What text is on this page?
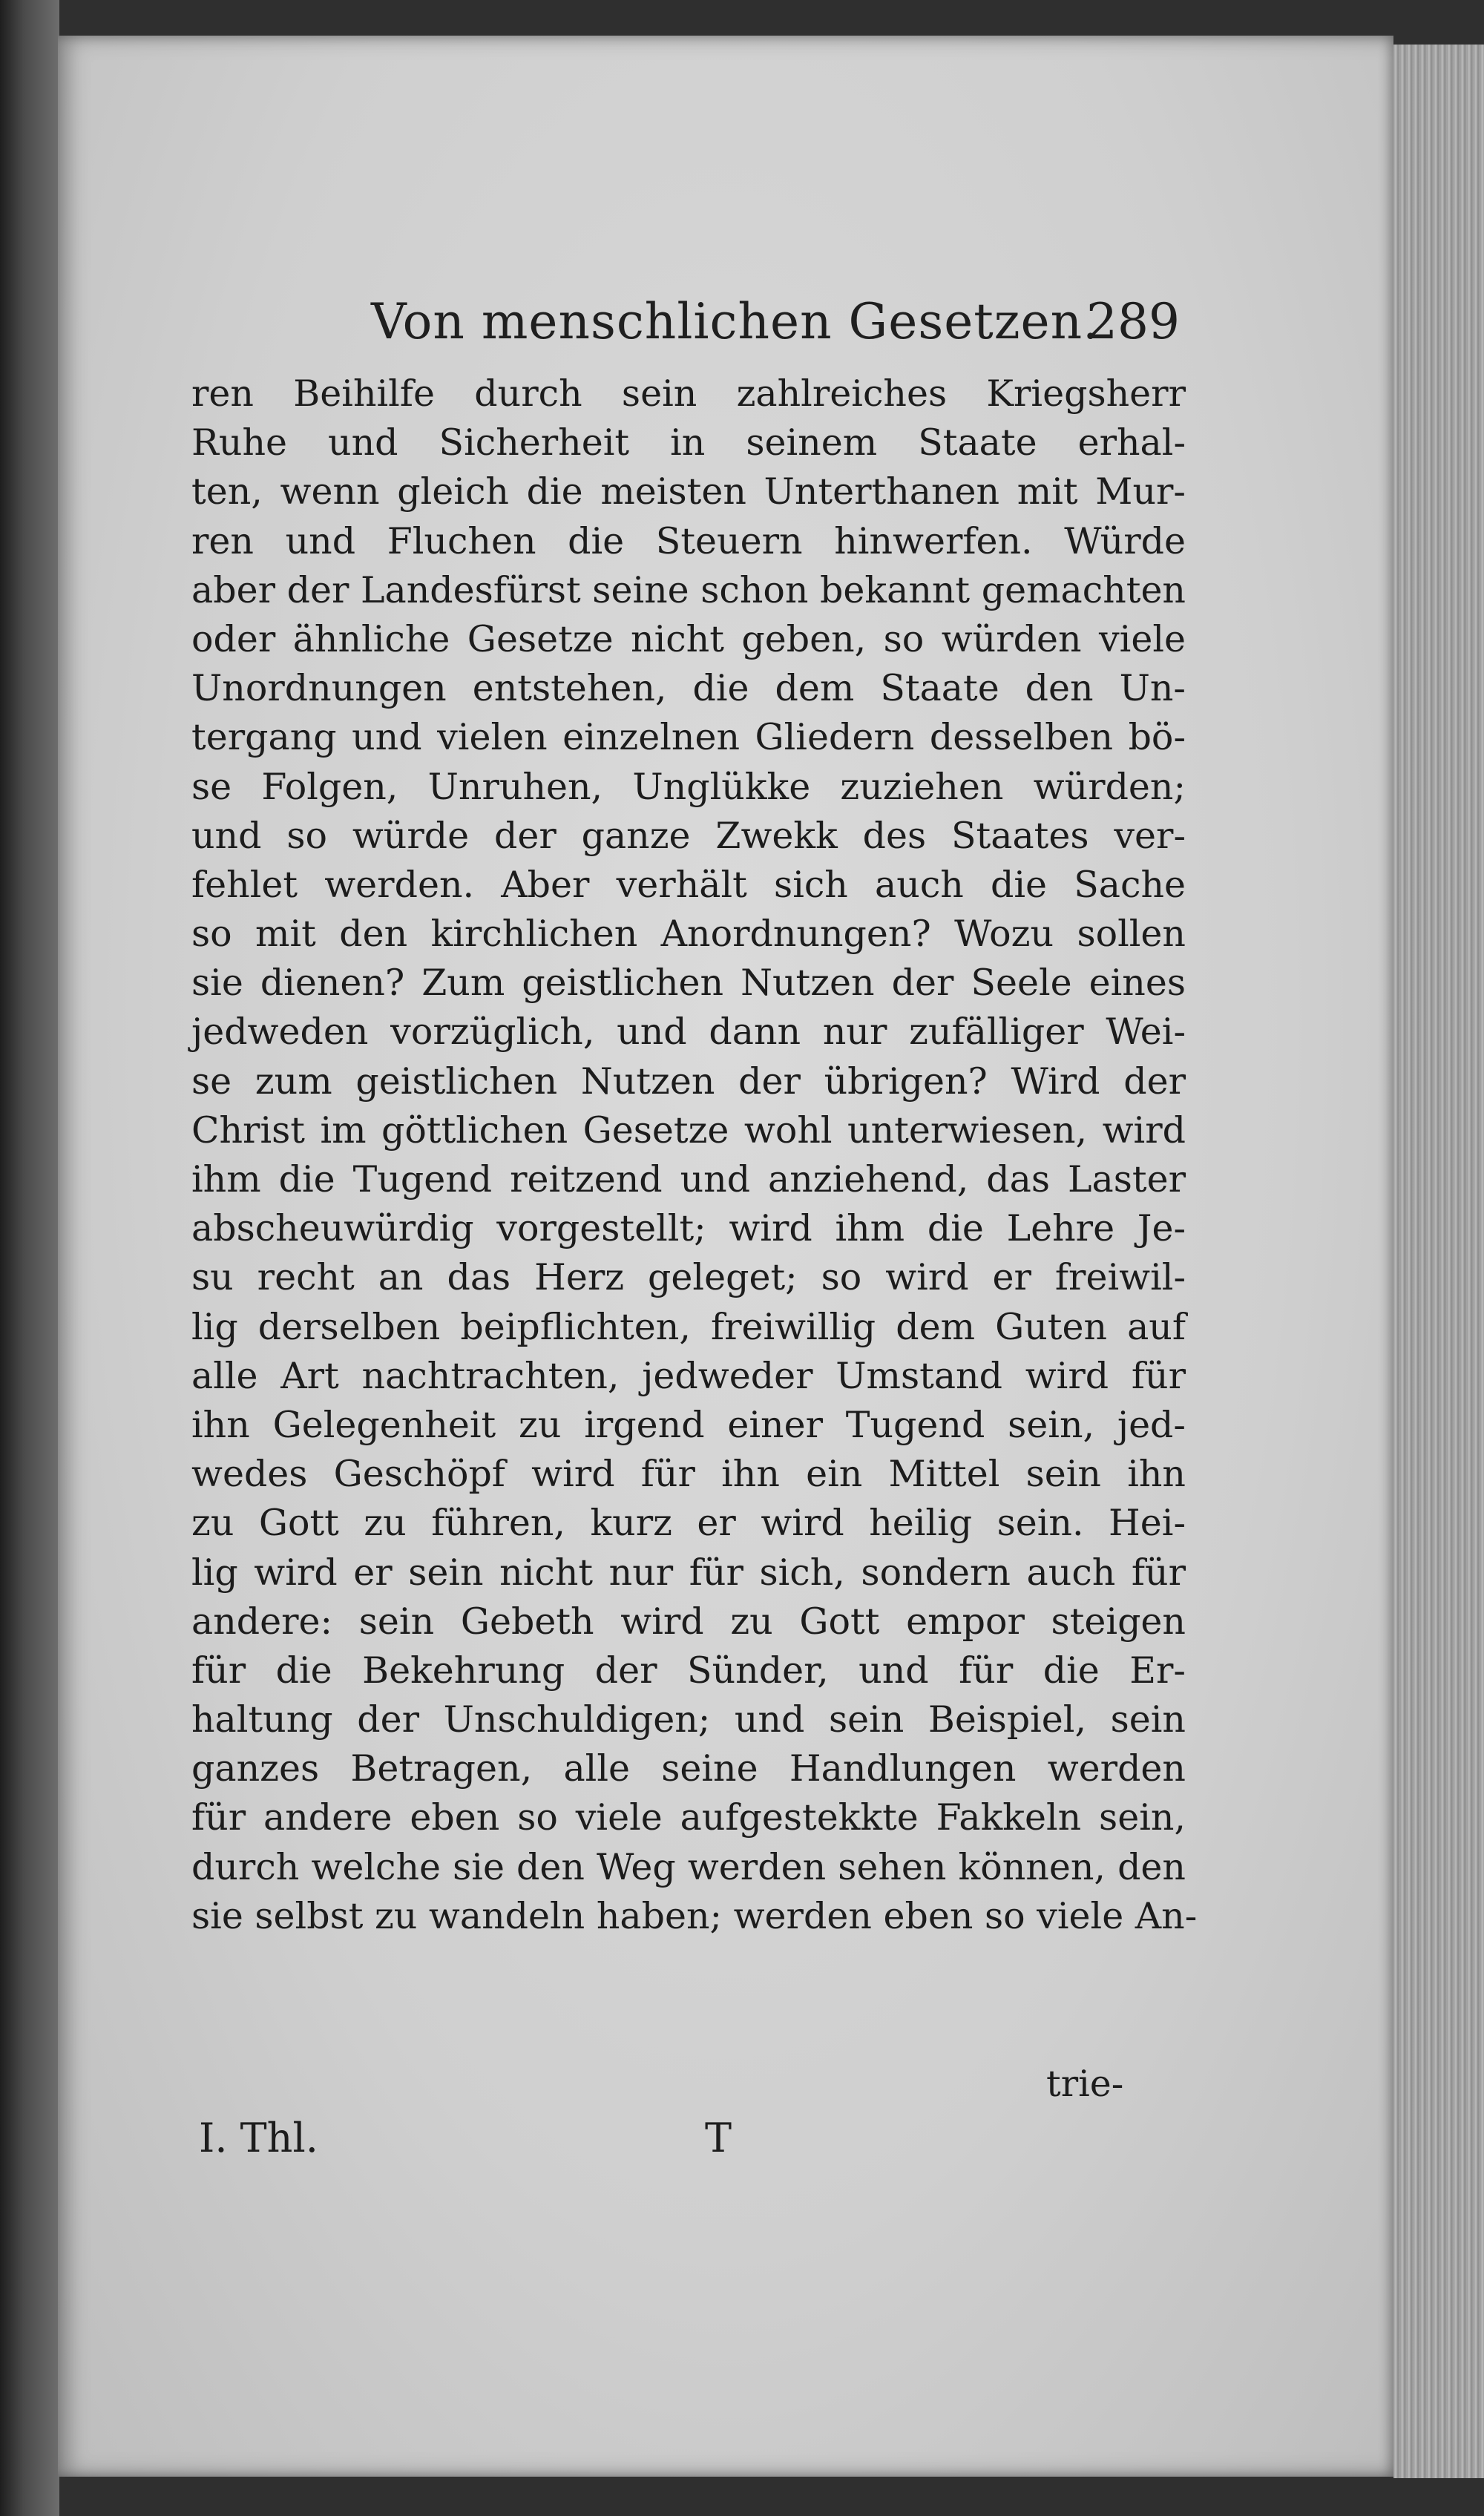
Von menschlichen Gesetzen.
289
ren Beihilfe durch sein zahlreiches Kriegsherr
Ruhe und Sicherheit in seinem Staate erhal-
ten, wenn gleich die meisten Unterthanen mit Mur-
ren und Fluchen die Steuern hinwerfen. Würde
aber der Landesfürst seine schon bekannt gemachten
oder ähnliche Gesetze nicht geben, so würden viele
Unordnungen entstehen, die dem Staate den Un-
tergang und vielen einzelnen Gliedern desselben bö-
se Folgen, Unruhen, Unglükke zuziehen würden;
und so würde der ganze Zwekk des Staates ver-
fehlet werden. Aber verhält sich auch die Sache
so mit den kirchlichen Anordnungen? Wozu sollen
sie dienen? Zum geistlichen Nutzen der Seele eines
jedweden vorzüglich, und dann nur zufälliger Wei-
se zum geistlichen Nutzen der übrigen? Wird der
Christ im göttlichen Gesetze wohl unterwiesen, wird
ihm die Tugend reitzend und anziehend, das Laster
abscheuwürdig vorgestellt; wird ihm die Lehre Je-
su recht an das Herz geleget; so wird er freiwil-
lig derselben beipflichten, freiwillig dem Guten auf
alle Art nachtrachten, jedweder Umstand wird für
ihn Gelegenheit zu irgend einer Tugend sein, jed-
wedes Geschöpf wird für ihn ein Mittel sein ihn
zu Gott zu führen, kurz er wird heilig sein. Hei-
lig wird er sein nicht nur für sich, sondern auch für
andere: sein Gebeth wird zu Gott empor steigen
für die Bekehrung der Sünder, und für die Er-
haltung der Unschuldigen; und sein Beispiel, sein
ganzes Betragen, alle seine Handlungen werden
für andere eben so viele aufgestekkte Fakkeln sein,
durch welche sie den Weg werden sehen können, den
sie selbst zu wandeln haben; werden eben so viele An-
trie-
I. Thl.	T
